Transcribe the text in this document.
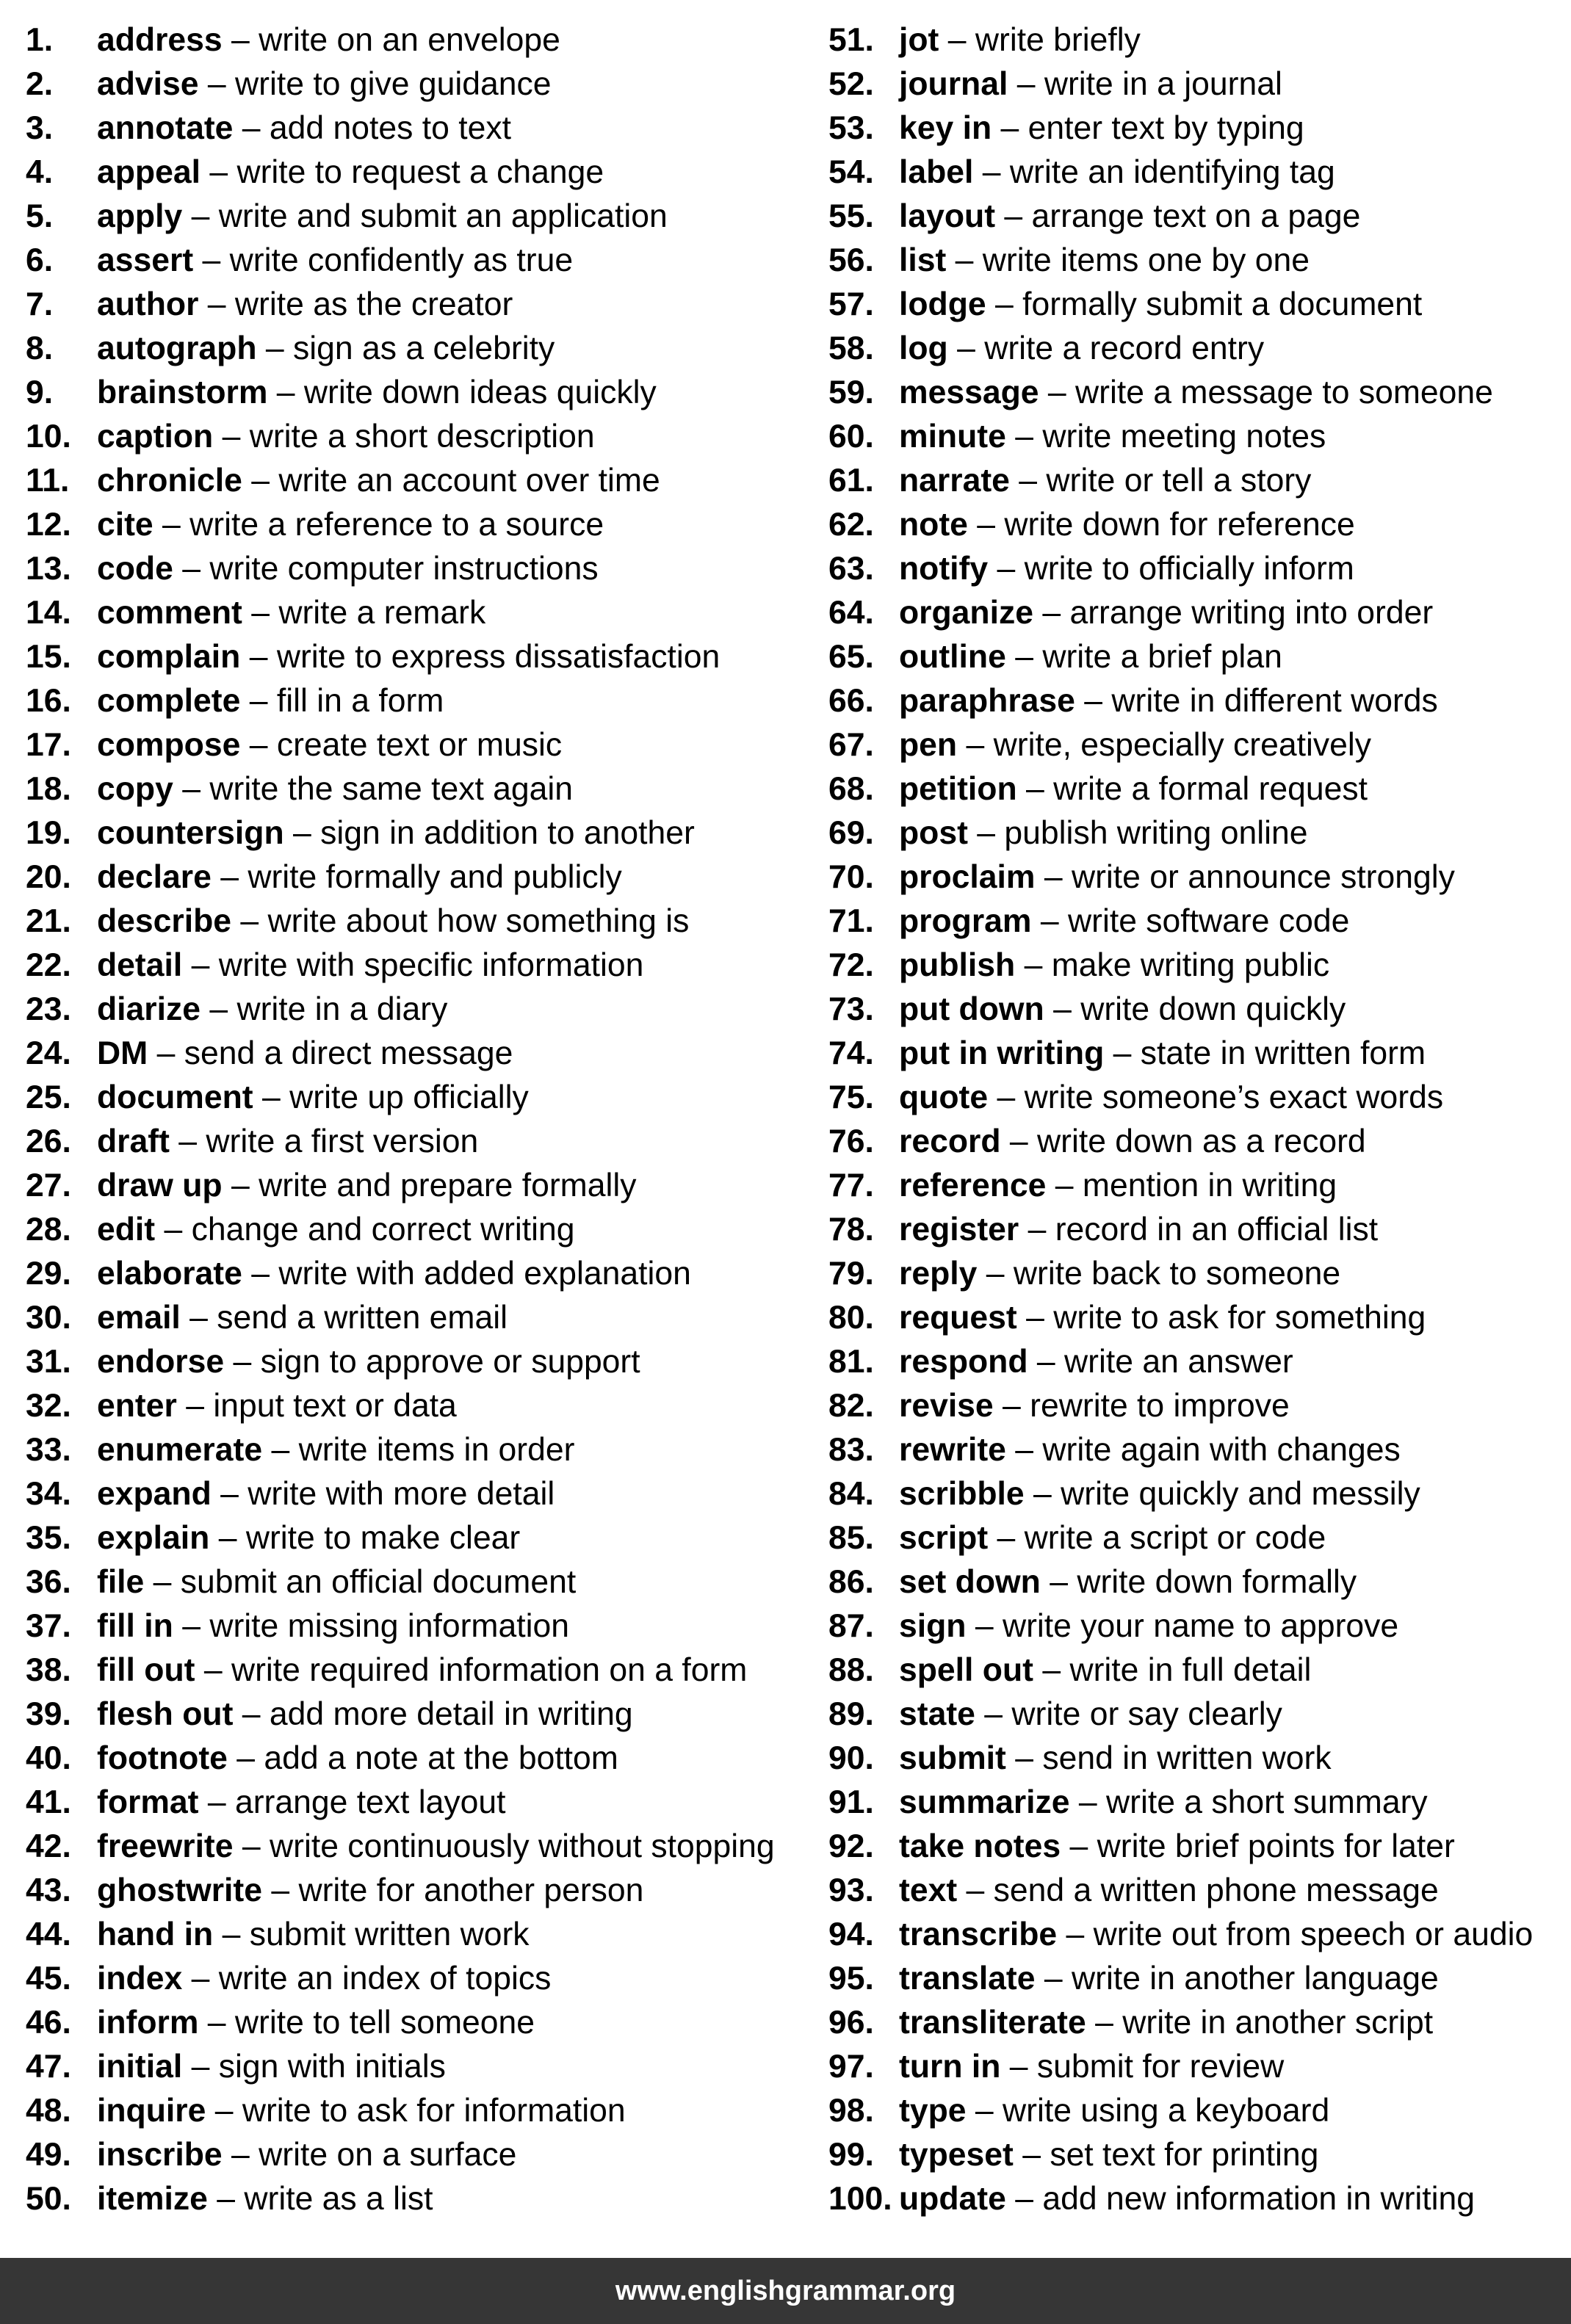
1. address – write on an envelope
2. advise – write to give guidance
3. annotate – add notes to text
4. appeal – write to request a change
5. apply – write and submit an application
6. assert – write confidently as true
7. author – write as the creator
8. autograph – sign as a celebrity
9. brainstorm – write down ideas quickly
10. caption – write a short description
11. chronicle – write an account over time
12. cite – write a reference to a source
13. code – write computer instructions
14. comment – write a remark
15. complain – write to express dissatisfaction
16. complete – fill in a form
17. compose – create text or music
18. copy – write the same text again
19. countersign – sign in addition to another
20. declare – write formally and publicly
21. describe – write about how something is
22. detail – write with specific information
23. diarize – write in a diary
24. DM – send a direct message
25. document – write up officially
26. draft – write a first version
27. draw up – write and prepare formally
28. edit – change and correct writing
29. elaborate – write with added explanation
30. email – send a written email
31. endorse – sign to approve or support
32. enter – input text or data
33. enumerate – write items in order
34. expand – write with more detail
35. explain – write to make clear
36. file – submit an official document
37. fill in – write missing information
38. fill out – write required information on a form
39. flesh out – add more detail in writing
40. footnote – add a note at the bottom
41. format – arrange text layout
42. freewrite – write continuously without stopping
43. ghostwrite – write for another person
44. hand in – submit written work
45. index – write an index of topics
46. inform – write to tell someone
47. initial – sign with initials
48. inquire – write to ask for information
49. inscribe – write on a surface
50. itemize – write as a list
51. jot – write briefly
52. journal – write in a journal
53. key in – enter text by typing
54. label – write an identifying tag
55. layout – arrange text on a page
56. list – write items one by one
57. lodge – formally submit a document
58. log – write a record entry
59. message – write a message to someone
60. minute – write meeting notes
61. narrate – write or tell a story
62. note – write down for reference
63. notify – write to officially inform
64. organize – arrange writing into order
65. outline – write a brief plan
66. paraphrase – write in different words
67. pen – write, especially creatively
68. petition – write a formal request
69. post – publish writing online
70. proclaim – write or announce strongly
71. program – write software code
72. publish – make writing public
73. put down – write down quickly
74. put in writing – state in written form
75. quote – write someone’s exact words
76. record – write down as a record
77. reference – mention in writing
78. register – record in an official list
79. reply – write back to someone
80. request – write to ask for something
81. respond – write an answer
82. revise – rewrite to improve
83. rewrite – write again with changes
84. scribble – write quickly and messily
85. script – write a script or code
86. set down – write down formally
87. sign – write your name to approve
88. spell out – write in full detail
89. state – write or say clearly
90. submit – send in written work
91. summarize – write a short summary
92. take notes – write brief points for later
93. text – send a written phone message
94. transcribe – write out from speech or audio
95. translate – write in another language
96. transliterate – write in another script
97. turn in – submit for review
98. type – write using a keyboard
99. typeset – set text for printing
100. update – add new information in writing
www.englishgrammar.org
